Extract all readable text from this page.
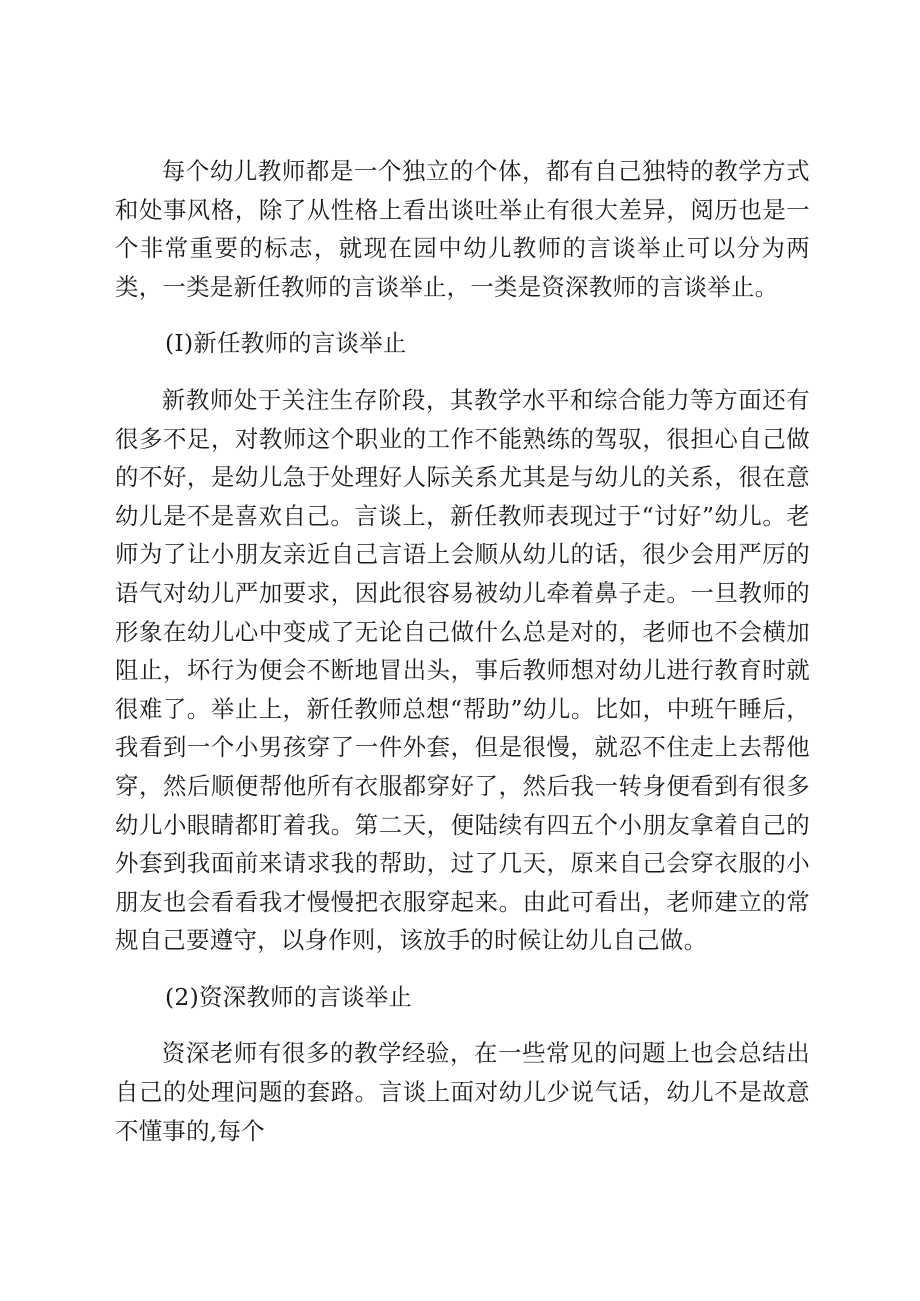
每个幼儿教师都是一个独立的个体，都有自己独特的教学方式和处事风格，除了从性格上看出谈吐举止有很大差异，阅历也是一个非常重要的标志，就现在园中幼儿教师的言谈举止可以分为两类，一类是新任教师的言谈举止，一类是资深教师的言谈举止。

(I)新任教师的言谈举止

新教师处于关注生存阶段，其教学水平和综合能力等方面还有很多不足，对教师这个职业的工作不能熟练的驾驭，很担心自己做的不好，是幼儿急于处理好人际关系尤其是与幼儿的关系，很在意幼儿是不是喜欢自己。言谈上，新任教师表现过于“讨好”幼儿。老师为了让小朋友亲近自己言语上会顺从幼儿的话，很少会用严厉的语气对幼儿严加要求，因此很容易被幼儿牵着鼻子走。一旦教师的形象在幼儿心中变成了无论自己做什么总是对的，老师也不会横加阻止，坏行为便会不断地冒出头，事后教师想对幼儿进行教育时就很难了。举止上，新任教师总想“帮助”幼儿。比如，中班午睡后，我看到一个小男孩穿了一件外套，但是很慢，就忍不住走上去帮他穿，然后顺便帮他所有衣服都穿好了，然后我一转身便看到有很多幼儿小眼睛都盯着我。第二天，便陆续有四五个小朋友拿着自己的外套到我面前来请求我的帮助，过了几天，原来自己会穿衣服的小朋友也会看看我才慢慢把衣服穿起来。由此可看出，老师建立的常规自己要遵守，以身作则，该放手的时候让幼儿自己做。

(2)资深教师的言谈举止

资深老师有很多的教学经验，在一些常见的问题上也会总结出自己的处理问题的套路。言谈上面对幼儿少说气话，幼儿不是故意不懂事的,每个
